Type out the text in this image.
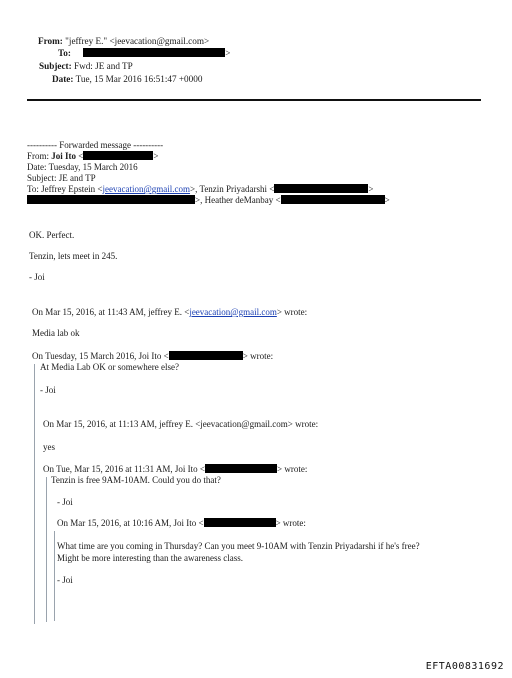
From: "jeffrey E." <jeevacation@gmail.com>
To:	>
Subject: Fwd: JE and TP
Date: Tue, 15 Mar 2016 16:51:47 +0000
---------- Forwarded message ----------
From: Joi Ito <	>
Date: Tuesday, 15 March 2016
Subject: JE and TP
To: Jeffrey Epstein <jeevacation@gmail.com>, Tenzin Priyadarshi <	>
>, Heather deManbay <	>
OK. Perfect.
Tenzin, lets meet in 245.
- Joi
On Mar 15, 2016, at 11:43 AM, jeffrey E. <jeevacation@gmail.com> wrote:
Media lab ok
On Tuesday, 15 March 2016, Joi Ito <	> wrote:
At Media Lab OK or somewhere else?
- Joi
On Mar 15, 2016, at 11:13 AM, jeffrey E. <jeevacation@gmail.com> wrote:
yes
On Tue, Mar 15, 2016 at 11:31 AM, Joi Ito <	> wrote:
Tenzin is free 9AM-10AM. Could you do that?
- Joi
On Mar 15, 2016, at 10:16 AM, Joi Ito <	> wrote:
What time are you coming in Thursday? Can you meet 9-10AM with Tenzin Priyadarshi if he's free?
Might be more interesting than the awareness class.
- Joi
EFTA00831692
